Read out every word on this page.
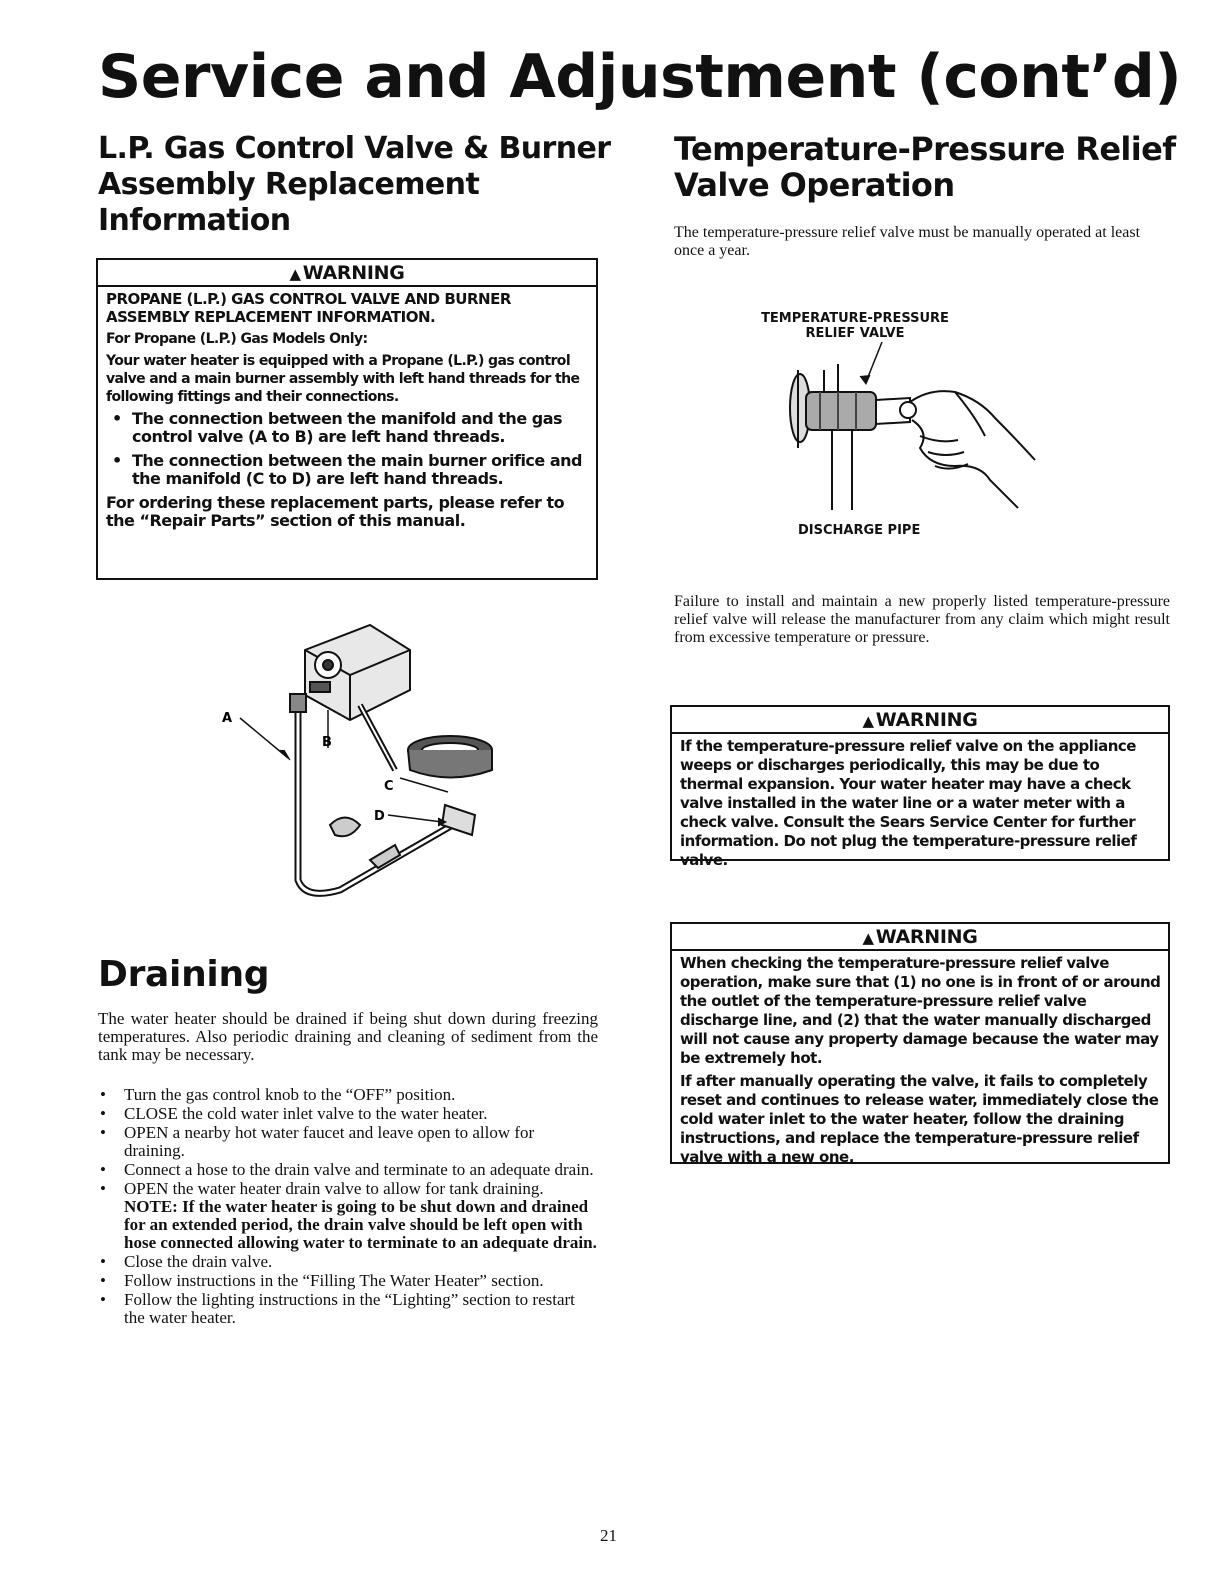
Service and Adjustment (cont’d)
L.P. Gas Control Valve & Burner
Assembly Replacement
Information
▲ WARNING

PROPANE (L.P.) GAS CONTROL VALVE AND BURNER ASSEMBLY REPLACEMENT INFORMATION.

For Propane (L.P.) Gas Models Only:

Your water heater is equipped with a Propane (L.P.) gas control valve and a main burner assembly with left hand threads for the following fittings and their connections.

• The connection between the manifold and the gas control valve (A to B) are left hand threads.
• The connection between the main burner orifice and the manifold (C to D) are left hand threads.

For ordering these replacement parts, please refer to the “Repair Parts” section of this manual.

A
B
C
D
Draining
The water heater should be drained if being shut down during freezing temperatures. Also periodic draining and cleaning of sediment from the tank may be necessary.
• Turn the gas control knob to the “OFF” position.
• CLOSE the cold water inlet valve to the water heater.
• OPEN a nearby hot water faucet and leave open to allow for draining.
• Connect a hose to the drain valve and terminate to an adequate drain.
• OPEN the water heater drain valve to allow for tank draining.
NOTE: If the water heater is going to be shut down and drained for an extended period, the drain valve should be left open with hose connected allowing water to terminate to an adequate drain.
• Close the drain valve.
• Follow instructions in the “Filling The Water Heater” section.
• Follow the lighting instructions in the “Lighting” section to restart the water heater.
Temperature-Pressure Relief
Valve Operation
The temperature-pressure relief valve must be manually operated at least once a year.
TEMPERATURE-PRESSURE
RELIEF VALVE
DISCHARGE PIPE
Failure to install and maintain a new properly listed temperature-pressure relief valve will release the manufacturer from any claim which might result from excessive temperature or pressure.
▲ WARNING

If the temperature-pressure relief valve on the appliance weeps or discharges periodically, this may be due to thermal expansion. Your water heater may have a check valve installed in the water line or a water meter with a check valve. Consult the Sears Service Center for further information. Do not plug the temperature-pressure relief valve.

▲ WARNING

When checking the temperature-pressure relief valve operation, make sure that (1) no one is in front of or around the outlet of the temperature-pressure relief valve discharge line, and (2) that the water manually discharged will not cause any property damage because the water may be extremely hot.

If after manually operating the valve, it fails to completely reset and continues to release water, immediately close the cold water inlet to the water heater, follow the draining instructions, and replace the temperature-pressure relief valve with a new one.

21
